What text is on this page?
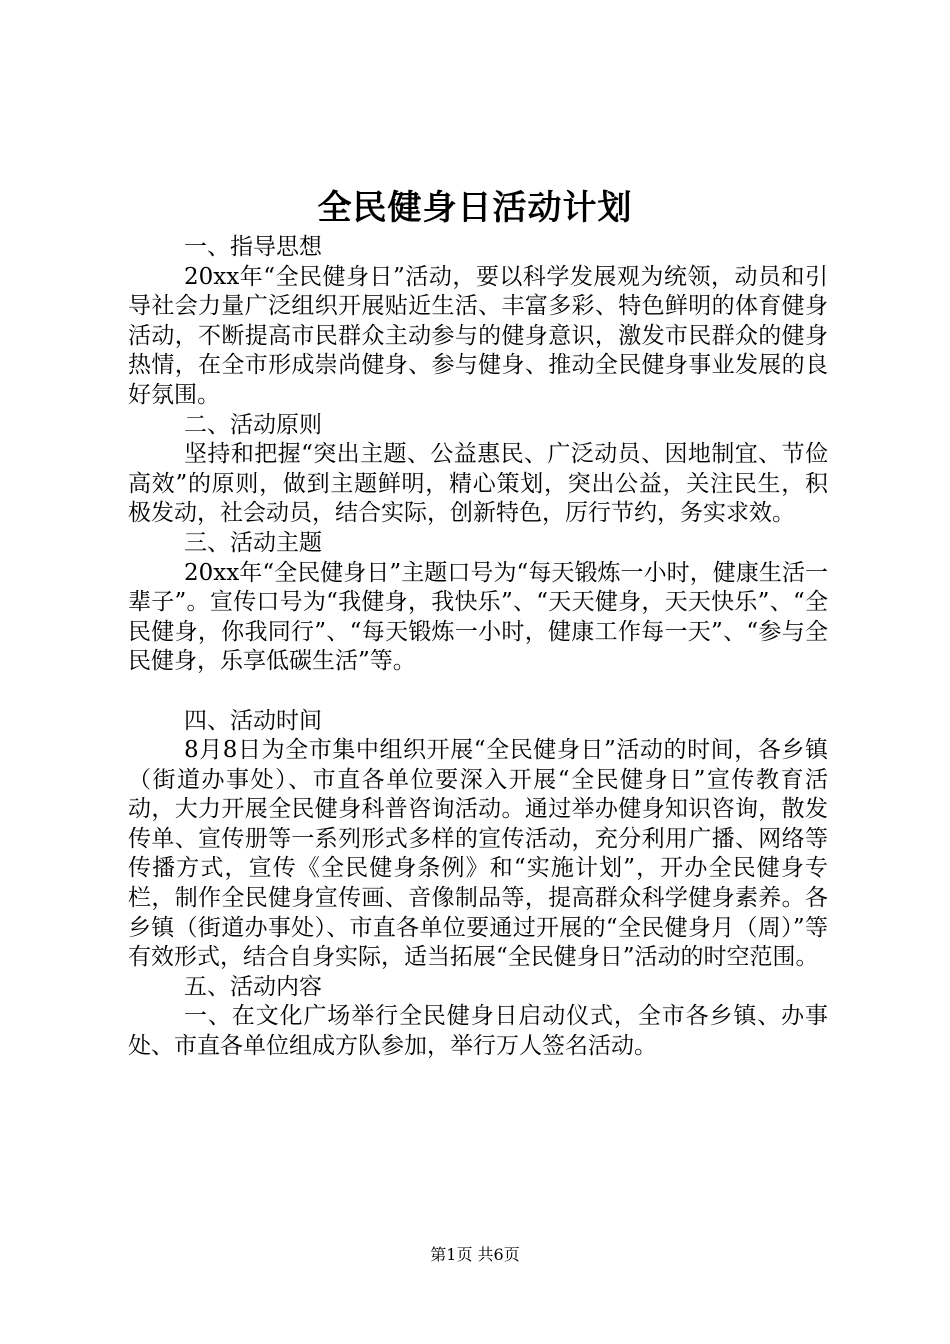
全民健身日活动计划

一、指导思想

20xx年“全民健身日”活动，要以科学发展观为统领，动员和引导社会力量广泛组织开展贴近生活、丰富多彩、特色鲜明的体育健身活动，不断提高市民群众主动参与的健身意识，激发市民群众的健身热情，在全市形成崇尚健身、参与健身、推动全民健身事业发展的良好氛围。

二、活动原则

坚持和把握“突出主题、公益惠民、广泛动员、因地制宜、节俭高效”的原则，做到主题鲜明，精心策划，突出公益，关注民生，积极发动，社会动员，结合实际，创新特色，厉行节约，务实求效。

三、活动主题

20xx年“全民健身日”主题口号为“每天锻炼一小时，健康生活一辈子”。宣传口号为“我健身，我快乐”、“天天健身，天天快乐”、“全民健身，你我同行”、“每天锻炼一小时，健康工作每一天”、“参与全民健身，乐享低碳生活”等。

四、活动时间

8月8日为全市集中组织开展“全民健身日”活动的时间，各乡镇（街道办事处）、市直各单位要深入开展“全民健身日”宣传教育活动，大力开展全民健身科普咨询活动。通过举办健身知识咨询，散发传单、宣传册等一系列形式多样的宣传活动，充分利用广播、网络等传播方式，宣传《全民健身条例》和“实施计划”，开办全民健身专栏，制作全民健身宣传画、音像制品等，提高群众科学健身素养。各乡镇（街道办事处）、市直各单位要通过开展的“全民健身月（周）”等有效形式，结合自身实际，适当拓展“全民健身日”活动的时空范围。

五、活动内容

一、在文化广场举行全民健身日启动仪式，全市各乡镇、办事处、市直各单位组成方队参加，举行万人签名活动。

第1页 共6页
